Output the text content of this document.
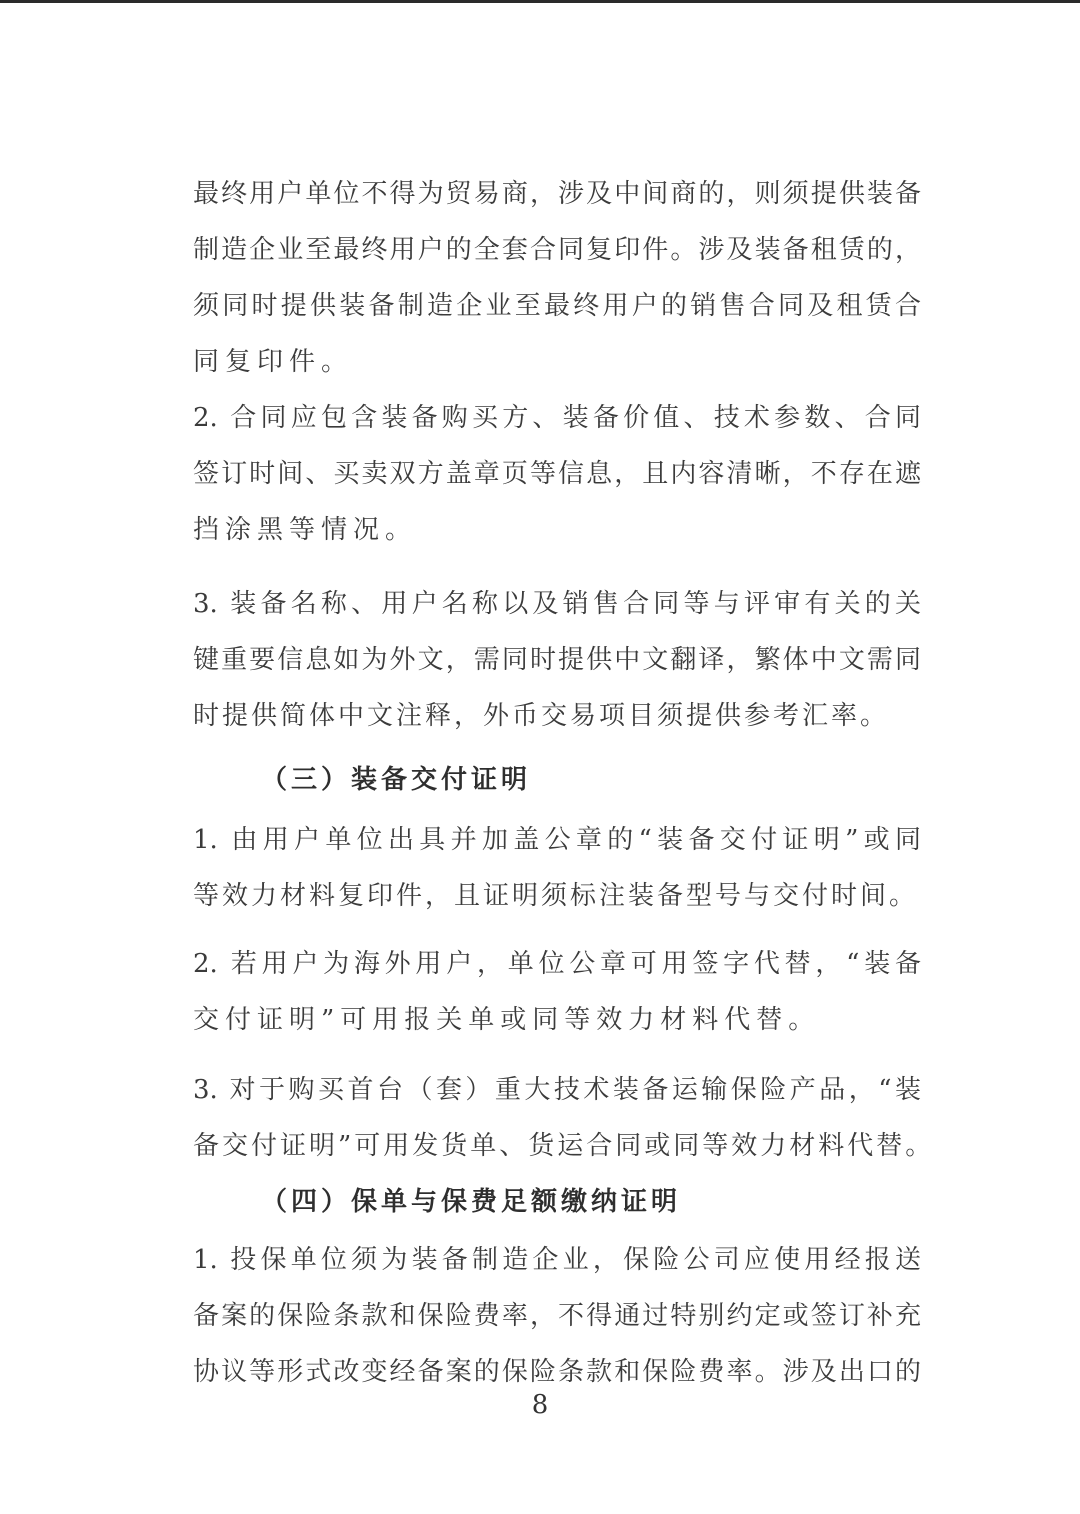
最终用户单位不得为贸易商，涉及中间商的，则须提供装备
制造企业至最终用户的全套合同复印件。涉及装备租赁的，
须同时提供装备制造企业至最终用户的销售合同及租赁合
同复印件。
2. 合同应包含装备购买方、装备价值、技术参数、合同
签订时间、买卖双方盖章页等信息，且内容清晰，不存在遮
挡涂黑等情况。
3. 装备名称、用户名称以及销售合同等与评审有关的关
键重要信息如为外文，需同时提供中文翻译，繁体中文需同
时提供简体中文注释，外币交易项目须提供参考汇率。
（三）装备交付证明
1. 由用户单位出具并加盖公章的“装备交付证明”或同
等效力材料复印件，且证明须标注装备型号与交付时间。
2. 若用户为海外用户，单位公章可用签字代替，“装备
交付证明”可用报关单或同等效力材料代替。
3. 对于购买首台（套）重大技术装备运输保险产品，“装
备交付证明”可用发货单、货运合同或同等效力材料代替。
（四）保单与保费足额缴纳证明
1. 投保单位须为装备制造企业，保险公司应使用经报送
备案的保险条款和保险费率，不得通过特别约定或签订补充
协议等形式改变经备案的保险条款和保险费率。涉及出口的
8
